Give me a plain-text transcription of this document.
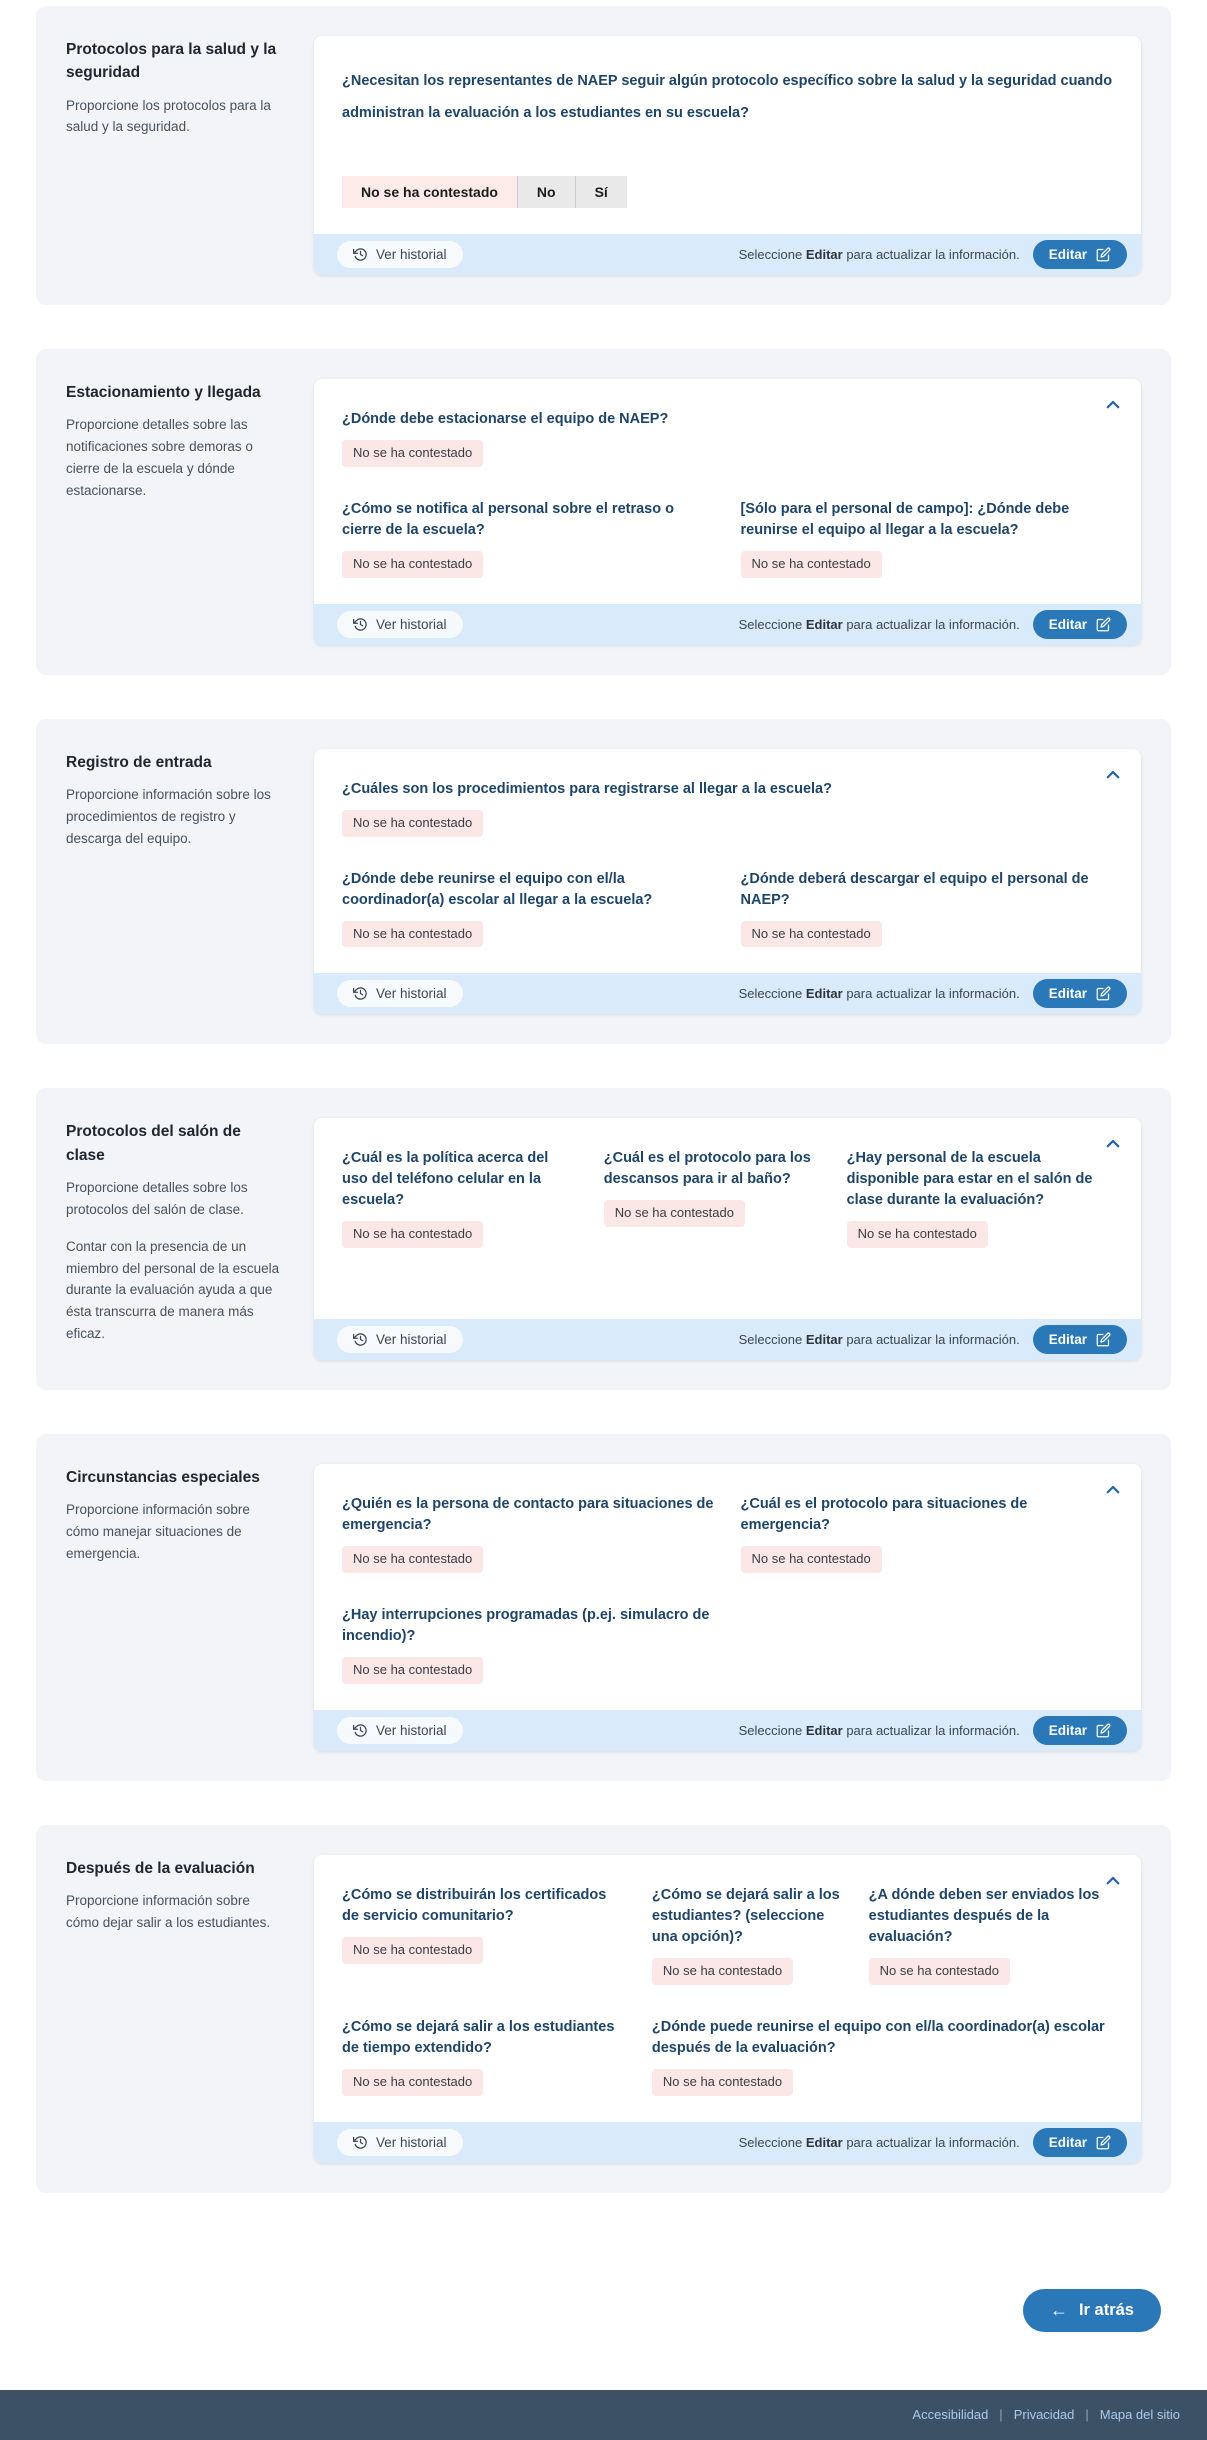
Protocolos para la salud y la seguridad

Proporcione los protocolos para la salud y la seguridad.

¿Necesitan los representantes de NAEP seguir algún protocolo específico sobre la salud y la seguridad cuando administran la evaluación a los estudiantes en su escuela?

No se ha contestado	No	Sí
Ver historial	Seleccione Editar para actualizar la información. Editar
Estacionamiento y llegada

Proporcione detalles sobre las notificaciones sobre demoras o cierre de la escuela y dónde estacionarse.

¿Dónde debe estacionarse el equipo de NAEP?

No se ha contestado

¿Cómo se notifica al personal sobre el retraso o cierre de la escuela?

No se ha contestado

[Sólo para el personal de campo]: ¿Dónde debe reunirse el equipo al llegar a la escuela?

No se ha contestado
Ver historial	Seleccione Editar para actualizar la información. Editar
Registro de entrada

Proporcione información sobre los procedimientos de registro y descarga del equipo.

¿Cuáles son los procedimientos para registrarse al llegar a la escuela?

No se ha contestado

¿Dónde debe reunirse el equipo con el/la coordinador(a) escolar al llegar a la escuela?

No se ha contestado

¿Dónde deberá descargar el equipo el personal de NAEP?

No se ha contestado
Ver historial	Seleccione Editar para actualizar la información. Editar
Protocolos del salón de clase

Proporcione detalles sobre los protocolos del salón de clase.

Contar con la presencia de un miembro del personal de la escuela durante la evaluación ayuda a que ésta transcurra de manera más eficaz.

¿Cuál es la política acerca del uso del teléfono celular en la escuela?

No se ha contestado

¿Cuál es el protocolo para los descansos para ir al baño?

No se ha contestado

¿Hay personal de la escuela disponible para estar en el salón de clase durante la evaluación?

No se ha contestado
Ver historial	Seleccione Editar para actualizar la información. Editar
Circunstancias especiales

Proporcione información sobre cómo manejar situaciones de emergencia.

¿Quién es la persona de contacto para situaciones de emergencia?

No se ha contestado

¿Cuál es el protocolo para situaciones de emergencia?

No se ha contestado

¿Hay interrupciones programadas (p.ej. simulacro de incendio)?

No se ha contestado
Ver historial	Seleccione Editar para actualizar la información. Editar
Después de la evaluación

Proporcione información sobre cómo dejar salir a los estudiantes.

¿Cómo se distribuirán los certificados de servicio comunitario?

No se ha contestado

¿Cómo se dejará salir a los estudiantes? (seleccione una opción)?

No se ha contestado

¿A dónde deben ser enviados los estudiantes después de la evaluación?

No se ha contestado

¿Cómo se dejará salir a los estudiantes de tiempo extendido?

No se ha contestado

¿Dónde puede reunirse el equipo con el/la coordinador(a) escolar después de la evaluación?

No se ha contestado
Ver historial	Seleccione Editar para actualizar la información. Editar
← Ir atrás
Accesibilidad | Privacidad | Mapa del sitio
